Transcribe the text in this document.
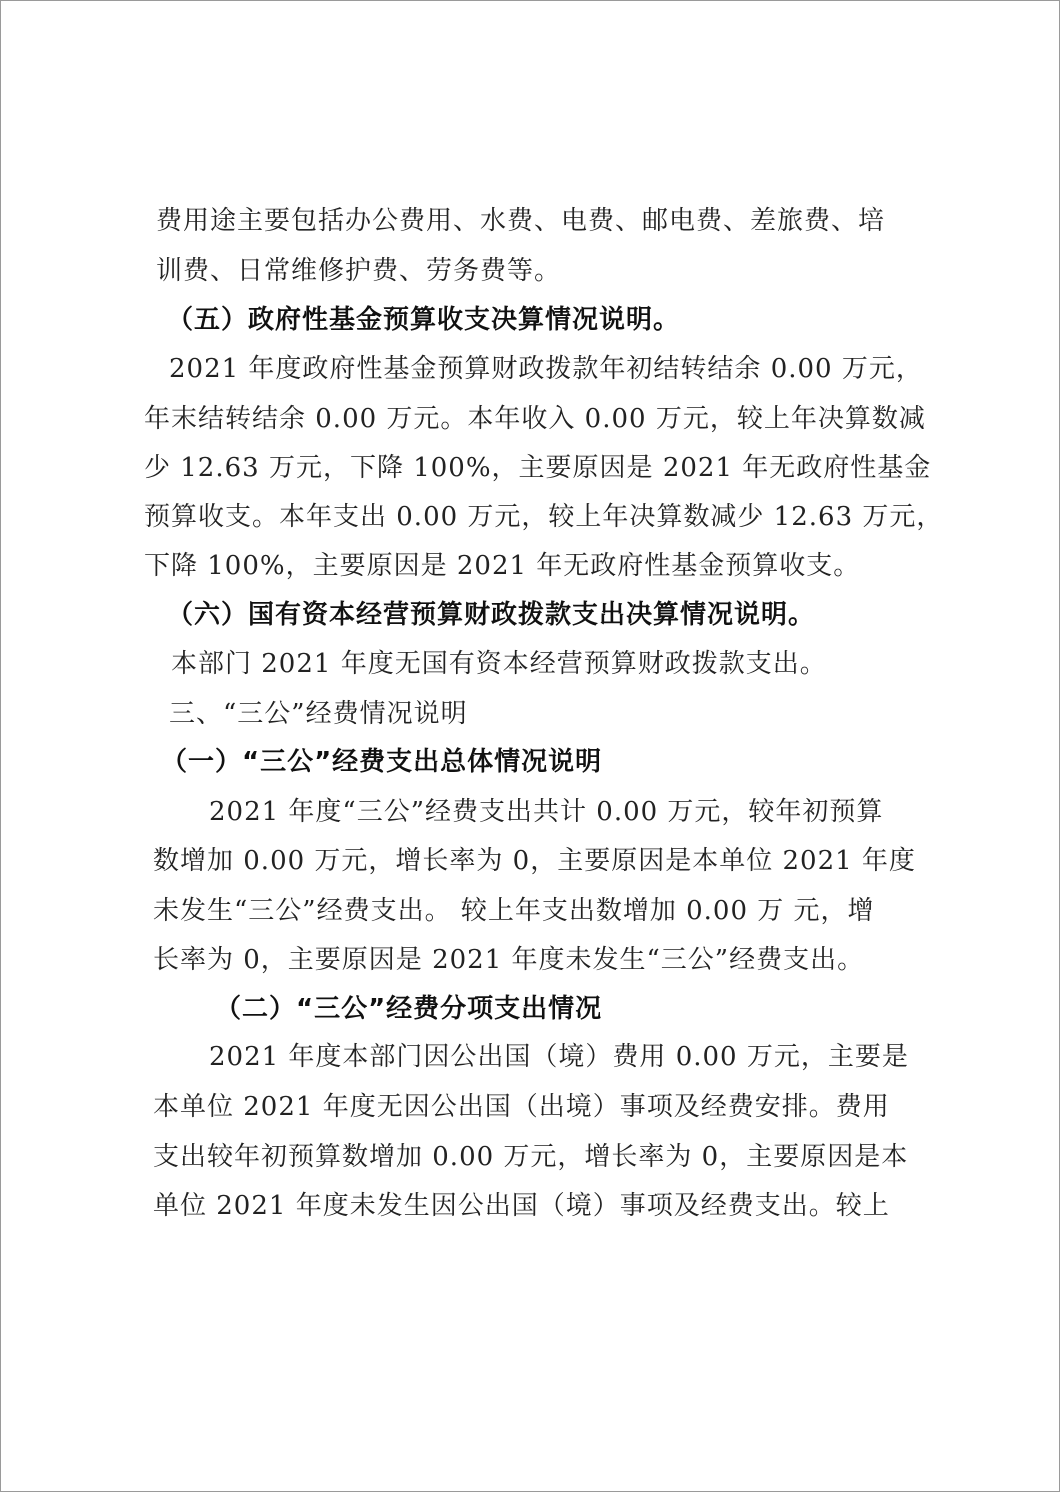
费用途主要包括办公费用、水费、电费、邮电费、差旅费、培
训费、日常维修护费、劳务费等。
（五）政府性基金预算收支决算情况说明。
2021 年度政府性基金预算财政拨款年初结转结余 0.00 万元，
年末结转结余 0.00 万元。本年收入 0.00 万元，较上年决算数减
少 12.63 万元，下降 100%，主要原因是 2021 年无政府性基金
预算收支。本年支出 0.00 万元，较上年决算数减少 12.63 万元，
下降 100%，主要原因是 2021 年无政府性基金预算收支。
（六）国有资本经营预算财政拨款支出决算情况说明。
本部门 2021 年度无国有资本经营预算财政拨款支出。
三、“三公”经费情况说明
（一）“三公”经费支出总体情况说明
2021 年度“三公”经费支出共计 0.00 万元，较年初预算
数增加 0.00 万元，增长率为 0，主要原因是本单位 2021 年度
未发生“三公”经费支出。 较上年支出数增加 0.00 万 元，增
长率为 0，主要原因是 2021 年度未发生“三公”经费支出。
（二）“三公”经费分项支出情况
2021 年度本部门因公出国（境）费用 0.00 万元，主要是
本单位 2021 年度无因公出国（出境）事项及经费安排。费用
支出较年初预算数增加 0.00 万元，增长率为 0，主要原因是本
单位 2021 年度未发生因公出国（境）事项及经费支出。较上
